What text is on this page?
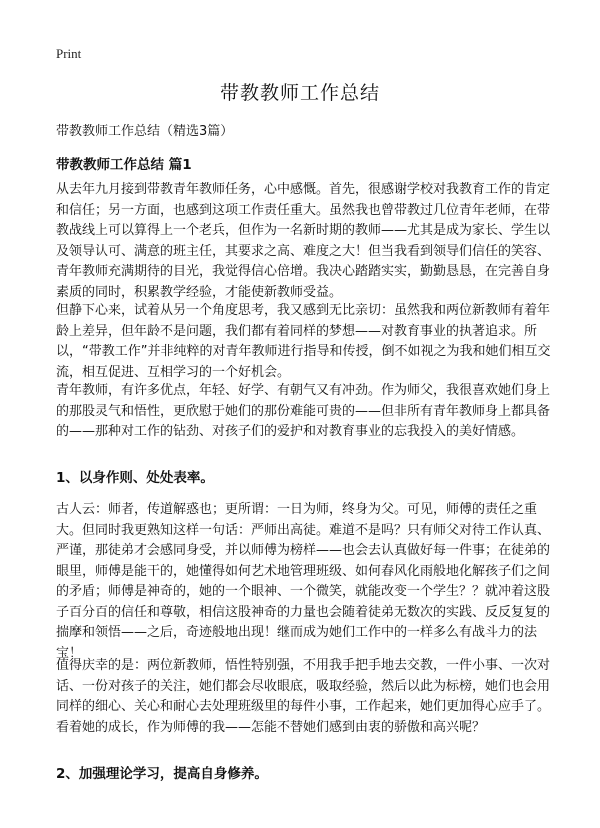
Print
带教教师工作总结
带教教师工作总结（精选3篇）
带教教师工作总结 篇1

从去年九月接到带教青年教师任务，心中感慨。首先，很感谢学校对我教育工作的肯定和信任；另一方面，也感到这项工作责任重大。虽然我也曾带教过几位青年老师，在带教战线上可以算得上一个老兵，但作为一名新时期的教师——尤其是成为家长、学生以及领导认可、满意的班主任，其要求之高、难度之大！但当我看到领导们信任的笑容、青年教师充满期待的目光，我觉得信心倍增。我决心踏踏实实，勤勤恳恳，在完善自身素质的同时，积累教学经验，才能使新教师受益。

但静下心来，试着从另一个角度思考，我又感到无比亲切：虽然我和两位新教师有着年龄上差异，但年龄不是问题，我们都有着同样的梦想——对教育事业的执著追求。所以，“带教工作”并非纯粹的对青年教师进行指导和传授，倒不如视之为我和她们相互交流，相互促进、互相学习的一个好机会。

青年教师，有许多优点，年轻、好学、有朝气又有冲劲。作为师父，我很喜欢她们身上的那股灵气和悟性，更欣慰于她们的那份难能可贵的——但非所有青年教师身上都具备的——那种对工作的钻劲、对孩子们的爱护和对教育事业的忘我投入的美好情感。

1、以身作则、处处表率。

古人云：师者，传道解惑也；更所谓：一日为师，终身为父。可见，师傅的责任之重大。但同时我更熟知这样一句话：严师出高徒。难道不是吗？只有师父对待工作认真、严谨，那徒弟才会感同身受，并以师傅为榜样——也会去认真做好每一件事；在徒弟的眼里，师傅是能干的，她懂得如何艺术地管理班级、如何春风化雨般地化解孩子们之间的矛盾；师傅是神奇的，她的一个眼神、一个微笑，就能改变一个学生？？就冲着这股子百分百的信任和尊敬，相信这股神奇的力量也会随着徒弟无数次的实践、反反复复的揣摩和领悟——之后，奇迹般地出现！继而成为她们工作中的一样多么有战斗力的法宝！

值得庆幸的是：两位新教师，悟性特别强，不用我手把手地去交教，一件小事、一次对话、一份对孩子的关注，她们都会尽收眼底，吸取经验，然后以此为标榜，她们也会用同样的细心、关心和耐心去处理班级里的每件小事，工作起来，她们更加得心应手了。看着她的成长，作为师傅的我——怎能不替她们感到由衷的骄傲和高兴呢？

2、加强理论学习，提高自身修养。
